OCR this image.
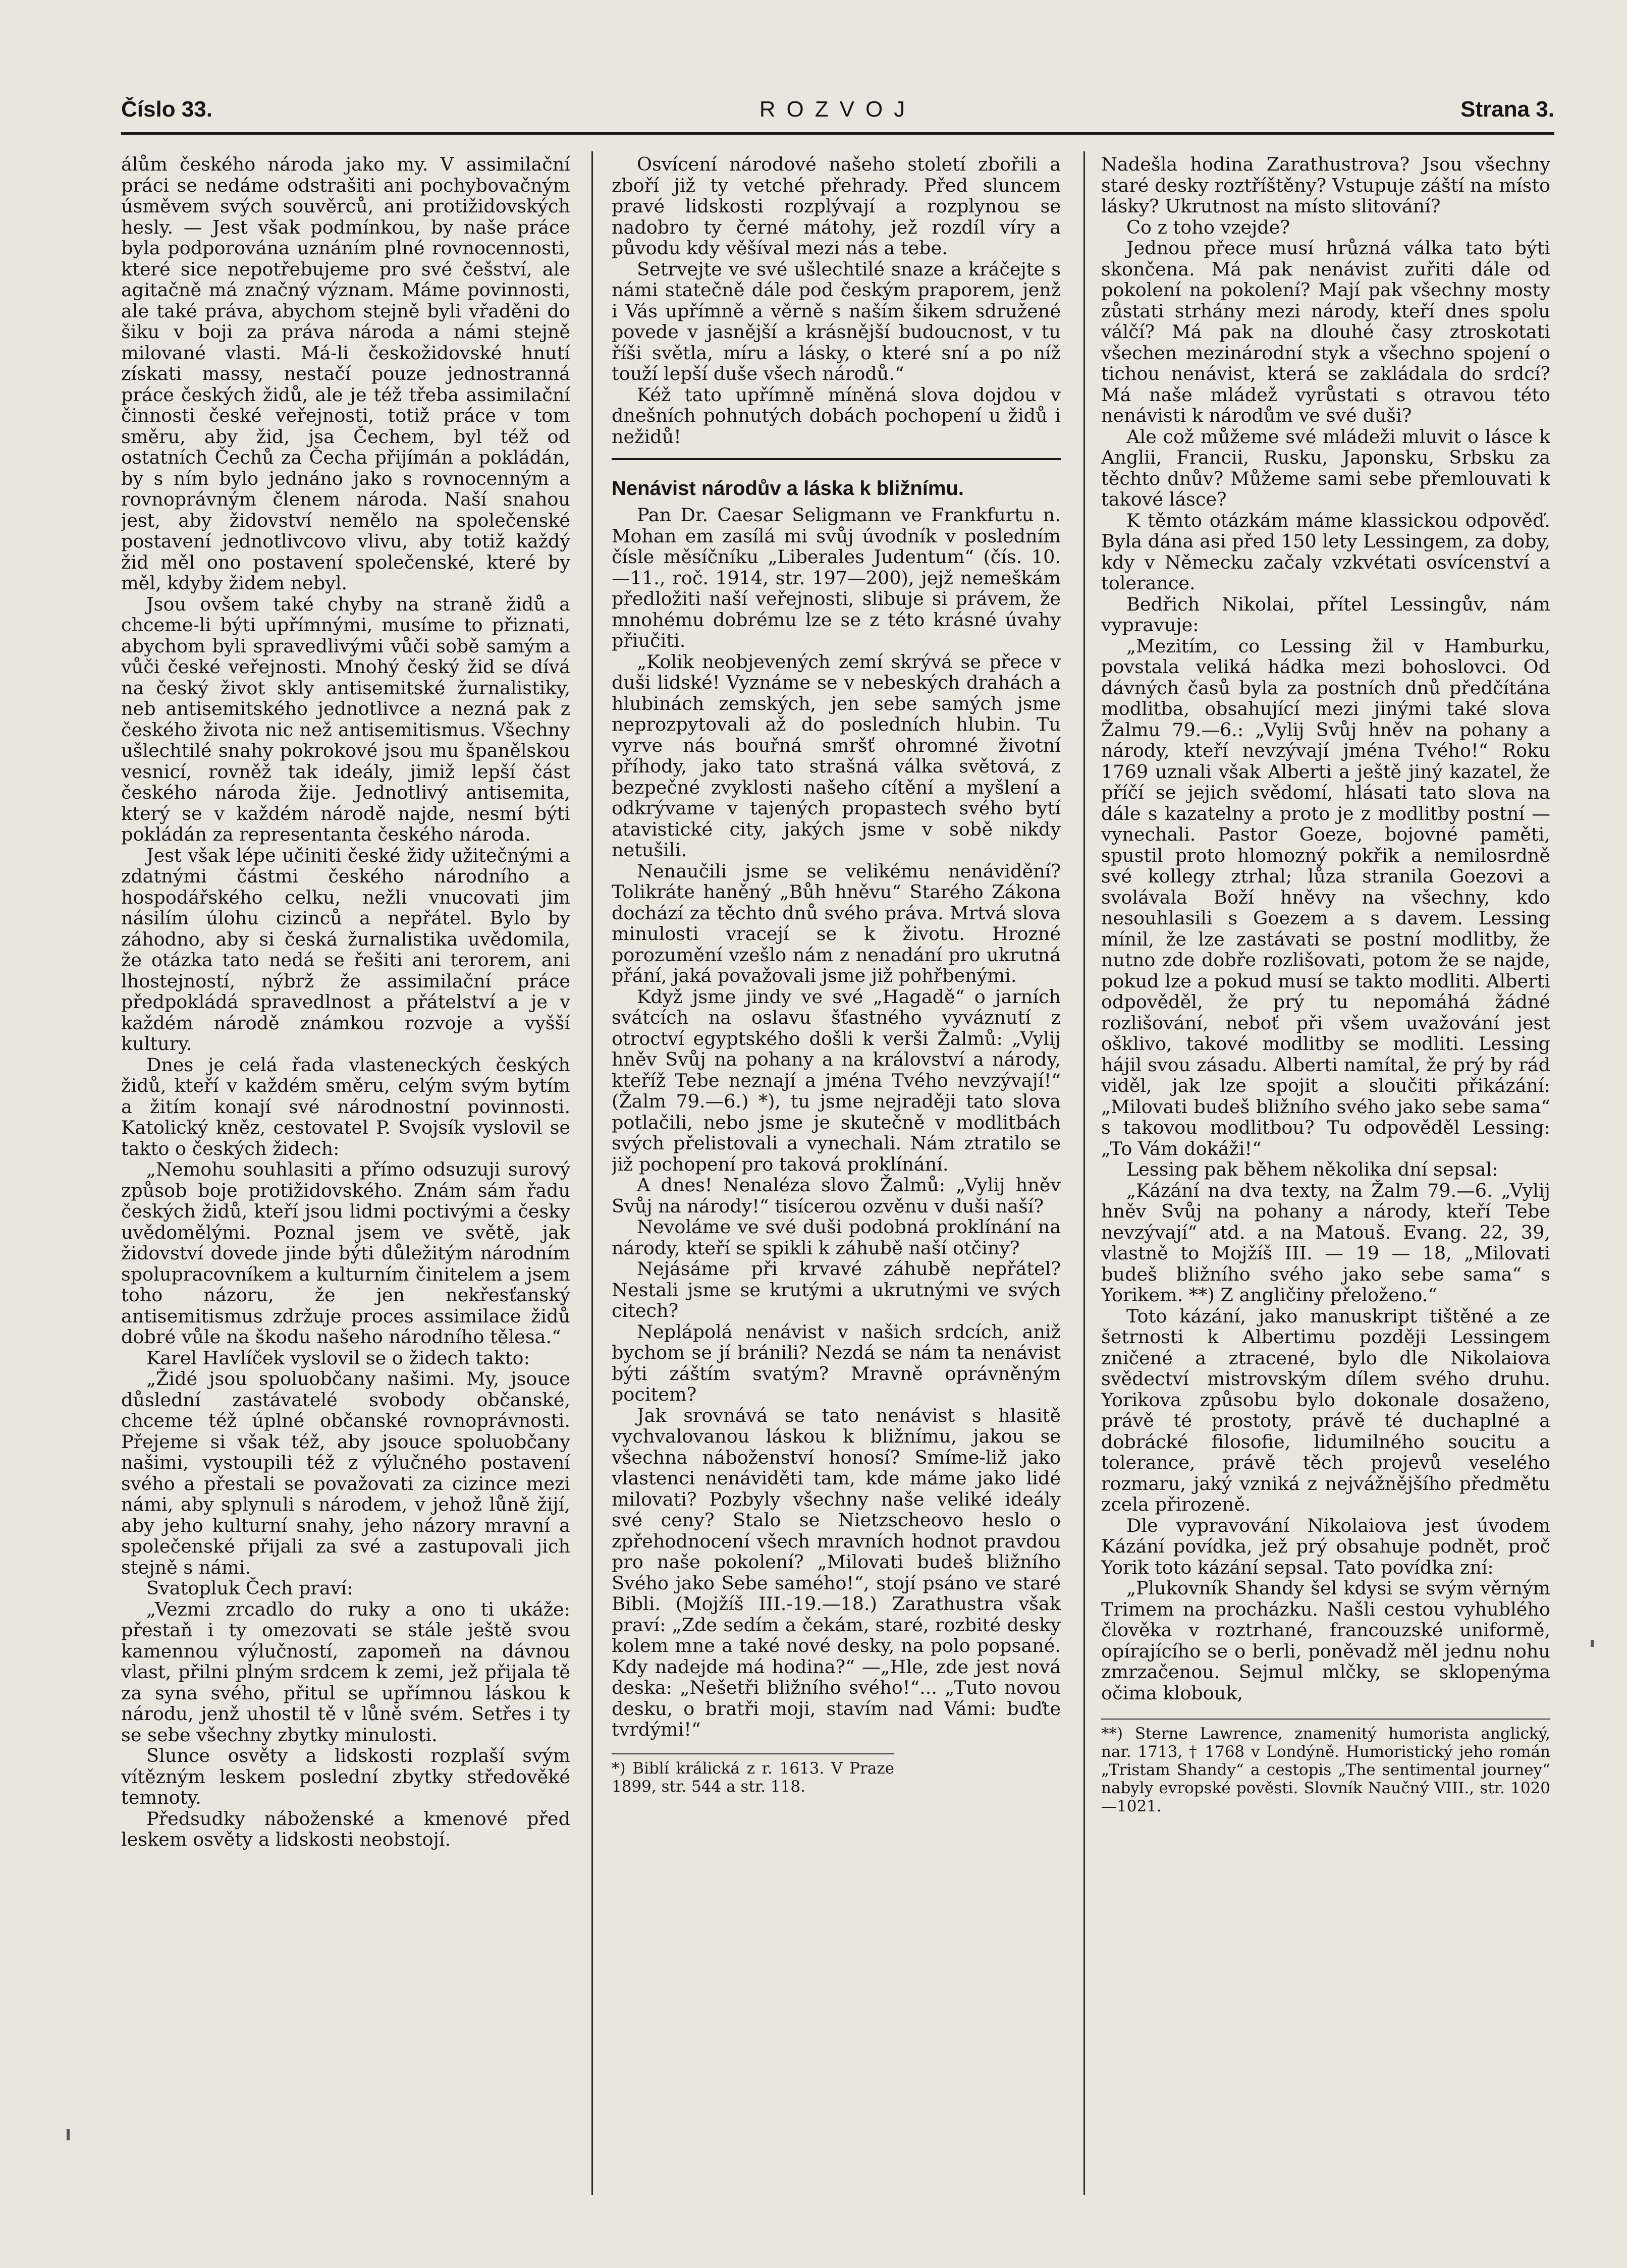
Číslo 33.	ROZVOJ	Strana 3.

álům českého národa jako my. V assimilační práci se nedáme odstrašiti ani pochybovačným úsměvem svých souvěrců, ani protižidovských hesly. — Jest však podmínkou, by naše práce byla podporována uznáním plné rovnocennosti, které sice nepotřebujeme pro své češství, ale agitačně má značný význam. Máme povinnosti, ale také práva, abychom stejně byli vřaděni do šiku v boji za práva národa a námi stejně milované vlasti. Má-li českožidovské hnutí získati massy, nestačí pouze jednostranná práce českých židů, ale je též třeba assimilační činnosti české veřejnosti, totiž práce v tom směru, aby žid, jsa Čechem, byl též od ostatních Čechů za Čecha přijímán a pokládán, by s ním bylo jednáno jako s rovnocenným a rovnoprávným členem národa. Naší snahou jest, aby židovství nemělo na společenské postavení jednotlivcovo vlivu, aby totiž každý žid měl ono postavení společenské, které by měl, kdyby židem nebyl.

Jsou ovšem také chyby na straně židů a chceme-li býti upřímnými, musíme to přiznati, abychom byli spravedlivými vůči sobě samým a vůči české veřejnosti. Mnohý český žid se dívá na český život skly antisemitské žurnalistiky, neb antisemitského jednotlivce a nezná pak z českého života nic než antisemitismus. Všechny ušlechtilé snahy pokrokové jsou mu španělskou vesnicí, rovněž tak ideály, jimiž lepší část českého národa žije. Jednotlivý antisemita, který se v každém národě najde, nesmí býti pokládán za representanta českého národa.

Jest však lépe učiniti české židy užitečnými a zdatnými částmi českého národního a hospodářského celku, nežli vnucovati jim násilím úlohu cizinců a nepřátel. Bylo by záhodno, aby si česká žurnalistika uvědomila, že otázka tato nedá se řešiti ani terorem, ani lhostejností, nýbrž že assimilační práce předpokládá spravedlnost a přátelství a je v každém národě známkou rozvoje a vyšší kultury.

Dnes je celá řada vlasteneckých českých židů, kteří v každém směru, celým svým bytím a žitím konají své národnostní povinnosti. Katolický kněz, cestovatel P. Svojsík vyslovil se takto o českých židech:

„Nemohu souhlasiti a přímo odsuzuji surový způsob boje protižidovského. Znám sám řadu českých židů, kteří jsou lidmi poctivými a česky uvědomělými. Poznal jsem ve světě, jak židovství dovede jinde býti důležitým národním spolupracovníkem a kulturním činitelem a jsem toho názoru, že jen nekřesťanský antisemitismus zdržuje proces assimilace židů dobré vůle na škodu našeho národního tělesa.“

Karel Havlíček vyslovil se o židech takto:

„Židé jsou spoluobčany našimi. My, jsouce důslední zastávatelé svobody občanské, chceme též úplné občanské rovnoprávnosti. Přejeme si však též, aby jsouce spoluobčany našimi, vystoupili též z výlučného postavení svého a přestali se považovati za cizince mezi námi, aby splynuli s národem, v jehož lůně žijí, aby jeho kulturní snahy, jeho názory mravní a společenské přijali za své a zastupovali jich stejně s námi.

Svatopluk Čech praví:

„Vezmi zrcadlo do ruky a ono ti ukáže: přestaň i ty omezovati se stále ještě svou kamennou výlučností, zapomeň na dávnou vlast, přilni plným srdcem k zemi, jež přijala tě za syna svého, přitul se upřímnou láskou k národu, jenž uhostil tě v lůně svém. Setřes i ty se sebe všechny zbytky minulosti.

Slunce osvěty a lidskosti rozplaší svým vítězným leskem poslední zbytky středověké temnoty.

Předsudky náboženské a kmenové před leskem osvěty a lidskosti neobstojí.

Osvícení národové našeho století zbořili a zboří již ty vetché přehrady. Před sluncem pravé lidskosti rozplývají a rozplynou se nadobro ty černé mátohy, jež rozdíl víry a původu kdy věšíval mezi nás a tebe.

Setrvejte ve své ušlechtilé snaze a kráčejte s námi statečně dále pod českým praporem, jenž i Vás upřímně a věrně s naším šikem sdružené povede v jasnější a krásnější budoucnost, v tu říši světla, míru a lásky, o které sní a po níž touží lepší duše všech národů.“

Kéž tato upřímně míněná slova dojdou v dnešních pohnutých dobách pochopení u židů i nežidů!

Nenávist národův a láska k bližnímu.

Pan Dr. Caesar Seligmann ve Frankfurtu n. Mohan em zasílá mi svůj úvodník v posledním čísle měsíčníku „Liberales Judentum“ (čís. 10.—11., roč. 1914, str. 197—200), jejž nemeškám předložiti naší veřejnosti, slibuje si právem, že mnohému dobrému lze se z této krásné úvahy přiučiti.

„Kolik neobjevených zemí skrývá se přece v duši lidské! Vyznáme se v nebeských drahách a hlubinách zemských, jen sebe samých jsme neprozpytovali až do posledních hlubin. Tu vyrve nás bouřná smršť ohromné životní příhody, jako tato strašná válka světová, z bezpečné zvyklosti našeho cítění a myšlení a odkrývame v tajených propastech svého bytí atavistické city, jakých jsme v sobě nikdy netušili.

Nenaučili jsme se velikému nenávidění? Tolikráte haněný „Bůh hněvu“ Starého Zákona dochází za těchto dnů svého práva. Mrtvá slova minulosti vracejí se k životu. Hrozné porozumění vzešlo nám z nenadání pro ukrutná přání, jaká považovali jsme již pohřbenými.

Když jsme jindy ve své „Hagadě“ o jarních svátcích na oslavu šťastného vyváznutí z otroctví egyptského došli k verši Žalmů: „Vylij hněv Svůj na pohany a na království a národy, kteříž Tebe neznají a jména Tvého nevzývají!“ (Žalm 79.—6.) *), tu jsme nejraději tato slova potlačili, nebo jsme je skutečně v modlitbách svých přelistovali a vynechali. Nám ztratilo se již pochopení pro taková proklínání.

A dnes! Nenaléza slovo Žalmů: „Vylij hněv Svůj na národy!“ tisícerou ozvěnu v duši naší?

Nevoláme ve své duši podobná proklínání na národy, kteří se spikli k záhubě naší otčiny?

Nejásáme při krvavé záhubě nepřátel? Nestali jsme se krutými a ukrutnými ve svých citech?

Neplápolá nenávist v našich srdcích, aniž bychom se jí bránili? Nezdá se nám ta nenávist býti záštím svatým? Mravně oprávněným pocitem?

Jak srovnává se tato nenávist s hlasitě vychvalovanou láskou k bližnímu, jakou se všechna náboženství honosí? Smíme-liž jako vlastenci nenáviděti tam, kde máme jako lidé milovati? Pozbyly všechny naše veliké ideály své ceny? Stalo se Nietzscheovo heslo o zpřehodnocení všech mravních hodnot pravdou pro naše pokolení? „Milovati budeš bližního Svého jako Sebe samého!“, stojí psáno ve staré Bibli. (Mojžíš III.-19.—18.) Zarathustra však praví: „Zde sedím a čekám, staré, rozbité desky kolem mne a také nové desky, na polo popsané. Kdy nadejde má hodina?“ —„Hle, zde jest nová deska: „Nešetři bližního svého!“... „Tuto novou desku, o bratři moji, stavím nad Vámi: buďte tvrdými!“

*) Biblí králická z r. 1613. V Praze 1899, str. 544 a str. 118.

Nadešla hodina Zarathustrova? Jsou všechny staré desky roztříštěny? Vstupuje záští na místo lásky? Ukrutnost na místo slitování?

Co z toho vzejde?

Jednou přece musí hrůzná válka tato býti skončena. Má pak nenávist zuřiti dále od pokolení na pokolení? Mají pak všechny mosty zůstati strhány mezi národy, kteří dnes spolu válčí? Má pak na dlouhé časy ztroskotati všechen mezinárodní styk a všechno spojení o tichou nenávist, která se zakládala do srdcí? Má naše mládež vyrůstati s otravou této nenávisti k národům ve své duši?

Ale což můžeme své mládeži mluvit o lásce k Anglii, Francii, Rusku, Japonsku, Srbsku za těchto dnův? Můžeme sami sebe přemlouvati k takové lásce?

K těmto otázkám máme klassickou odpověď. Byla dána asi před 150 lety Lessingem, za doby, kdy v Německu začaly vzkvétati osvícenství a tolerance.

Bedřich Nikolai, přítel Lessingův, nám vypravuje:

„Mezitím, co Lessing žil v Hamburku, povstala veliká hádka mezi bohoslovci. Od dávných časů byla za postních dnů předčítána modlitba, obsahující mezi jinými také slova Žalmu 79.—6.: „Vylij Svůj hněv na pohany a národy, kteří nevzývají jména Tvého!“ Roku 1769 uznali však Alberti a ještě jiný kazatel, že příčí se jejich svědomí, hlásati tato slova na dále s kazatelny a proto je z modlitby postní — vynechali. Pastor Goeze, bojovné paměti, spustil proto hlomozný pokřik a nemilosrdně své kollegy ztrhal; lůza stranila Goezovi a svolávala Boží hněvy na všechny, kdo nesouhlasili s Goezem a s davem. Lessing mínil, že lze zastávati se postní modlitby, že nutno zde dobře rozlišovati, potom že se najde, pokud lze a pokud musí se takto modliti. Alberti odpověděl, že prý tu nepomáhá žádné rozlišování, neboť při všem uvažování jest ošklivo, takové modlitby se modliti. Lessing hájil svou zásadu. Alberti namítal, že prý by rád viděl, jak lze spojit a sloučiti přikázání: „Milovati budeš bližního svého jako sebe sama“ s takovou modlitbou? Tu odpověděl Lessing: „To Vám dokáži!“

Lessing pak během několika dní sepsal:

„Kázání na dva texty, na Žalm 79.—6. „Vylij hněv Svůj na pohany a národy, kteří Tebe nevzývají“ atd. a na Matouš. Evang. 22, 39, vlastně to Mojžíš III. — 19 — 18, „Milovati budeš bližního svého jako sebe sama“ s Yorikem. **) Z angličiny přeloženo.“

Toto kázání, jako manuskript tištěné a ze šetrnosti k Albertimu později Lessingem zničené a ztracené, bylo dle Nikolaiova svědectví mistrovským dílem svého druhu. Yorikova způsobu bylo dokonale dosaženo, právě té prostoty, právě té duchaplné a dobrácké filosofie, lidumilného soucitu a tolerance, právě těch projevů veselého rozmaru, jaký vzniká z nejvážnějšího předmětu zcela přirozeně.

Dle vypravování Nikolaiova jest úvodem Kázání povídka, jež prý obsahuje podnět, proč Yorik toto kázání sepsal. Tato povídka zní:

„Plukovník Shandy šel kdysi se svým věrným Trimem na procházku. Našli cestou vyhublého člověka v roztrhané, francouzské uniformě, opírajícího se o berli, poněvadž měl jednu nohu zmrzačenou. Sejmul mlčky, se sklopenýma očima klobouk,

**) Sterne Lawrence, znamenitý humorista anglický, nar. 1713, † 1768 v Londýně. Humoristický jeho román „Tristam Shandy“ a cestopis „The sentimental journey“ nabyly evropské pověsti. Slovník Naučný VIII., str. 1020—1021.
